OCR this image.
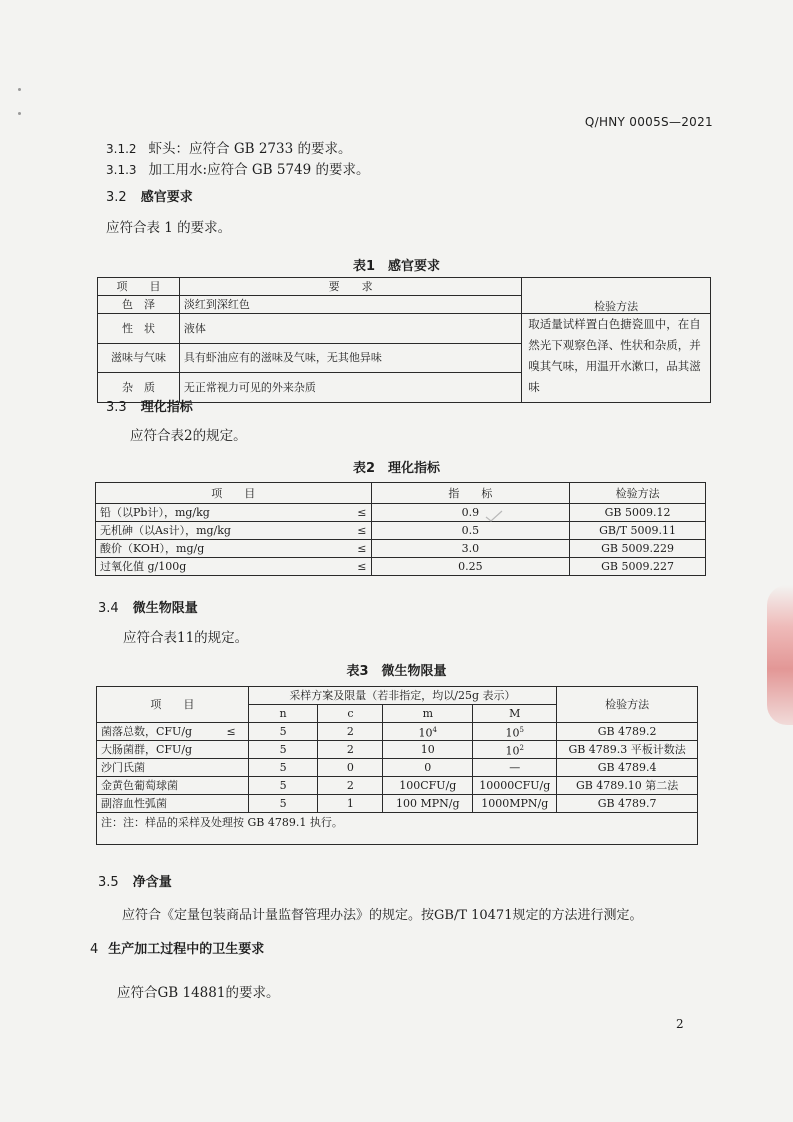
Q/HNY 0005S—2021
3.1.2 虾头：应符合 GB 2733 的要求。
3.1.3 加工用水:应符合 GB 5749 的要求。
3.2 感官要求
应符合表 1 的要求。
表1　感官要求
项　　目	要　　求	检验方法
色　泽	淡红到深红色	
性　状	液体	取适量试样置白色搪瓷皿中，在自然光下观察色泽、性状和杂质，并嗅其气味，用温开水漱口，品其滋味
滋味与气味	具有虾油应有的滋味及气味，无其他异味	
杂　质	无正常视力可见的外来杂质	
3.3 理化指标
应符合表2的规定。
表2　理化指标
项　　目	指　　标	检验方法
铅（以Pb计），mg/kg ≤	0.9	GB 5009.12
无机砷（以As计），mg/kg ≤	0.5	GB/T 5009.11
酸价（KOH），mg/g ≤	3.0	GB 5009.229
过氧化值 g/100g ≤	0.25	GB 5009.227
3.4 微生物限量
应符合表11的规定。
表3　微生物限量
项　　目	采样方案及限量（若非指定，均以/25g 表示）				检验方法
	n	c	m	M	
菌落总数，CFU/g ≤	5	2	$10^4$	$10^5$	GB 4789.2
大肠菌群，CFU/g	5	2	10	$10^2$	GB 4789.3 平板计数法
沙门氏菌	5	0	0	—	GB 4789.4
金黄色葡萄球菌	5	2	100CFU/g	10000CFU/g	GB 4789.10 第二法
副溶血性弧菌	5	1	100 MPN/g	1000MPN/g	GB 4789.7
注：注：样品的采样及处理按 GB 4789.1 执行。					
3.5 净含量
应符合《定量包装商品计量监督管理办法》的规定。按GB/T 10471规定的方法进行测定。
4 生产加工过程中的卫生要求
应符合GB 14881的要求。
2
